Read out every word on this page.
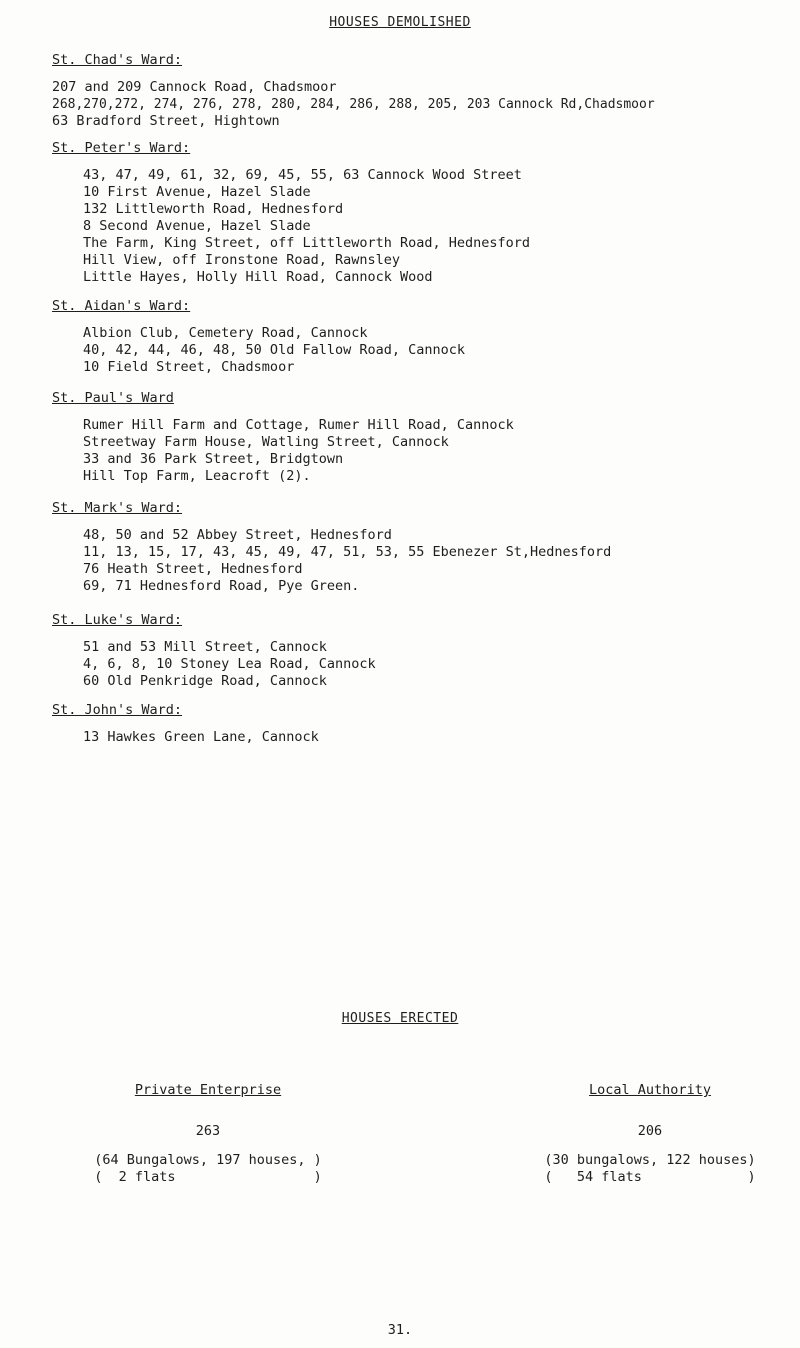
HOUSES DEMOLISHED
St. Chad's Ward:
207 and 209 Cannock Road, Chadsmoor
268,270,272, 274, 276, 278, 280, 284, 286, 288, 205, 203 Cannock Rd,Chadsmoor
63 Bradford Street, Hightown
St. Peter's Ward:
43, 47, 49, 61, 32, 69, 45, 55, 63 Cannock Wood Street
10 First Avenue, Hazel Slade
132 Littleworth Road, Hednesford
8 Second Avenue, Hazel Slade
The Farm, King Street, off Littleworth Road, Hednesford
Hill View, off Ironstone Road, Rawnsley
Little Hayes, Holly Hill Road, Cannock Wood
St. Aidan's Ward:
Albion Club, Cemetery Road, Cannock
40, 42, 44, 46, 48, 50 Old Fallow Road, Cannock
10 Field Street, Chadsmoor
St. Paul's Ward
Rumer Hill Farm and Cottage, Rumer Hill Road, Cannock
Streetway Farm House, Watling Street, Cannock
33 and 36 Park Street, Bridgtown
Hill Top Farm, Leacroft (2).
St. Mark's Ward:
48, 50 and 52 Abbey Street, Hednesford
11, 13, 15, 17, 43, 45, 49, 47, 51, 53, 55 Ebenezer St,Hednesford
76 Heath Street, Hednesford
69, 71 Hednesford Road, Pye Green.
St. Luke's Ward:
51 and 53 Mill Street, Cannock
4, 6, 8, 10 Stoney Lea Road, Cannock
60 Old Penkridge Road, Cannock
St. John's Ward:
13 Hawkes Green Lane, Cannock
HOUSES ERECTED
Private Enterprise
263
(64 Bungalows, 197 houses, )
(  2 flats                 )
Local Authority
206
(30 bungalows, 122 houses)
(   54 flats             )
31.
